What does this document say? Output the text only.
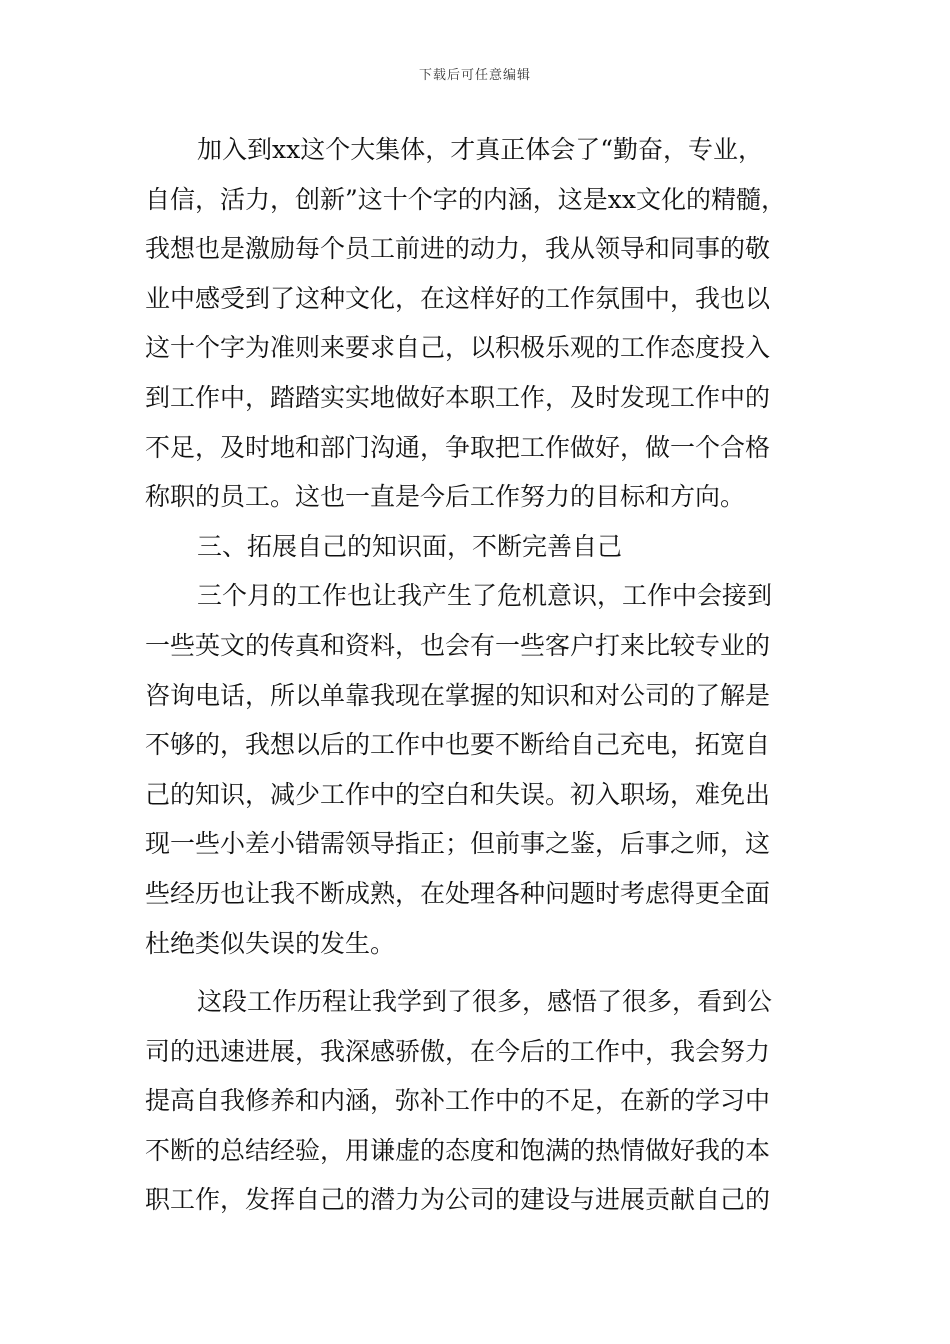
下载后可任意编辑
加入到xx这个大集体，才真正体会了“勤奋，专业，
自信，活力，创新”这十个字的内涵，这是xx文化的精髓，
我想也是激励每个员工前进的动力，我从领导和同事的敬
业中感受到了这种文化，在这样好的工作氛围中，我也以
这十个字为准则来要求自己，以积极乐观的工作态度投入
到工作中，踏踏实实地做好本职工作，及时发现工作中的
不足，及时地和部门沟通，争取把工作做好，做一个合格
称职的员工。这也一直是今后工作努力的目标和方向。
三、拓展自己的知识面，不断完善自己
三个月的工作也让我产生了危机意识，工作中会接到
一些英文的传真和资料，也会有一些客户打来比较专业的
咨询电话，所以单靠我现在掌握的知识和对公司的了解是
不够的，我想以后的工作中也要不断给自己充电，拓宽自
己的知识，减少工作中的空白和失误。初入职场，难免出
现一些小差小错需领导指正；但前事之鉴，后事之师，这
些经历也让我不断成熟，在处理各种问题时考虑得更全面
杜绝类似失误的发生。
这段工作历程让我学到了很多，感悟了很多，看到公
司的迅速进展，我深感骄傲，在今后的工作中，我会努力
提高自我修养和内涵，弥补工作中的不足，在新的学习中
不断的总结经验，用谦虚的态度和饱满的热情做好我的本
职工作，发挥自己的潜力为公司的建设与进展贡献自己的
